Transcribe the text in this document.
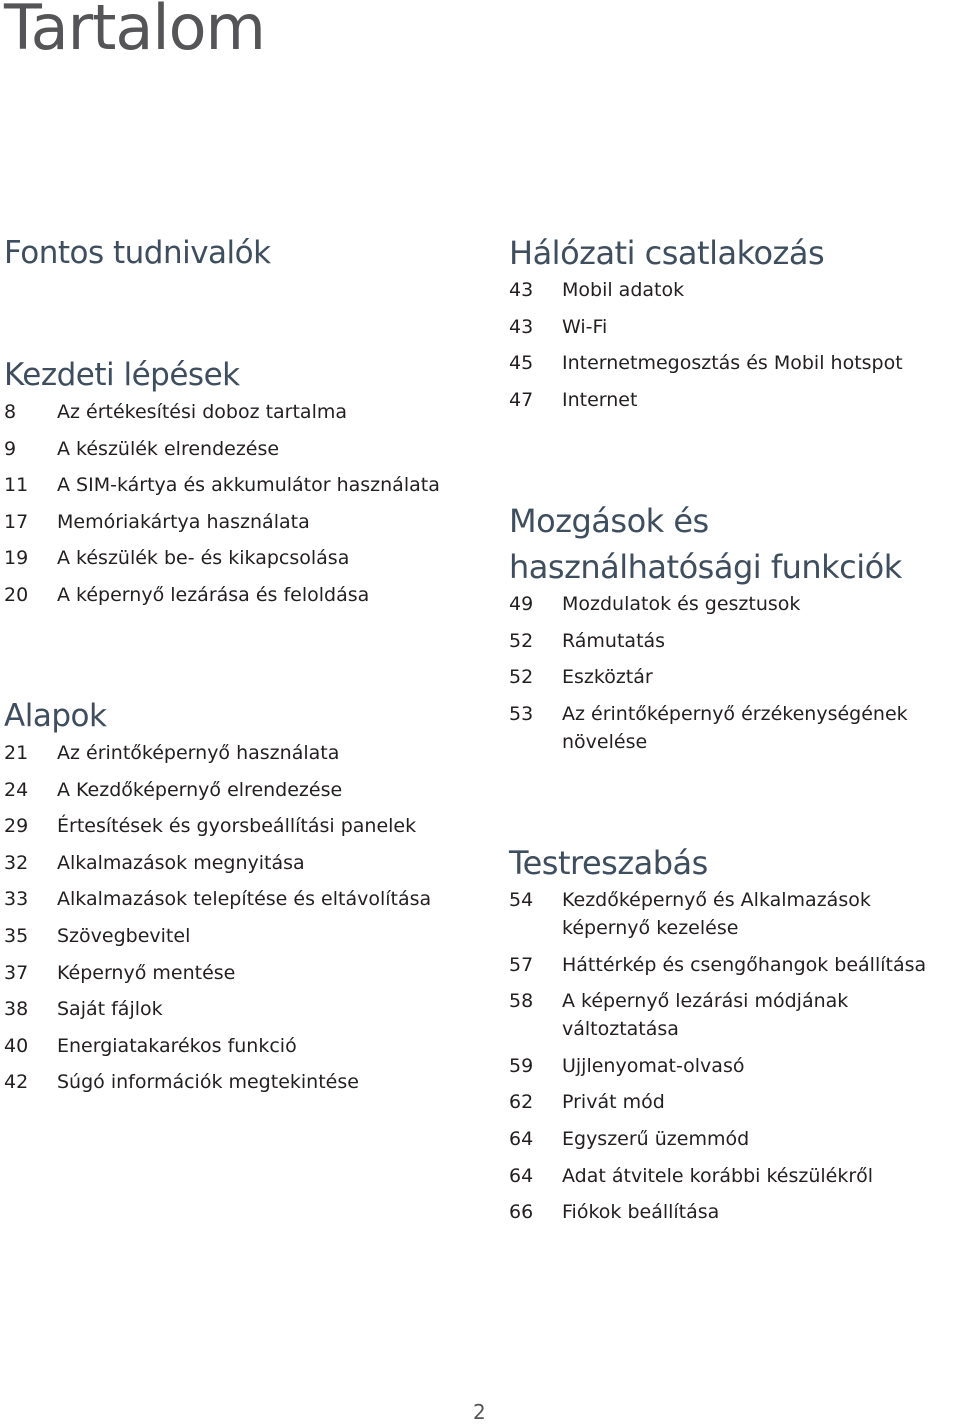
Tartalom
Fontos tudnivalók
Kezdeti lépések
8	Az értékesítési doboz tartalma
9	A készülék elrendezése
11	A SIM-kártya és akkumulátor használata
17	Memóriakártya használata
19	A készülék be- és kikapcsolása
20	A képernyő lezárása és feloldása
Alapok
21	Az érintőképernyő használata
24	A Kezdőképernyő elrendezése
29	Értesítések és gyorsbeállítási panelek
32	Alkalmazások megnyitása
33	Alkalmazások telepítése és eltávolítása
35	Szövegbevitel
37	Képernyő mentése
38	Saját fájlok
40	Energiatakarékos funkció
42	Súgó információk megtekintése
Hálózati csatlakozás
43	Mobil adatok
43	Wi-Fi
45	Internetmegosztás és Mobil hotspot
47	Internet
Mozgások és használhatósági funkciók
49	Mozdulatok és gesztusok
52	Rámutatás
52	Eszköztár
53	Az érintőképernyő érzékenységének növelése
Testreszabás
54	Kezdőképernyő és Alkalmazások képernyő kezelése
57	Háttérkép és csengőhangok beállítása
58	A képernyő lezárási módjának változtatása
59	Ujjlenyomat-olvasó
62	Privát mód
64	Egyszerű üzemmód
64	Adat átvitele korábbi készülékről
66	Fiókok beállítása
2
